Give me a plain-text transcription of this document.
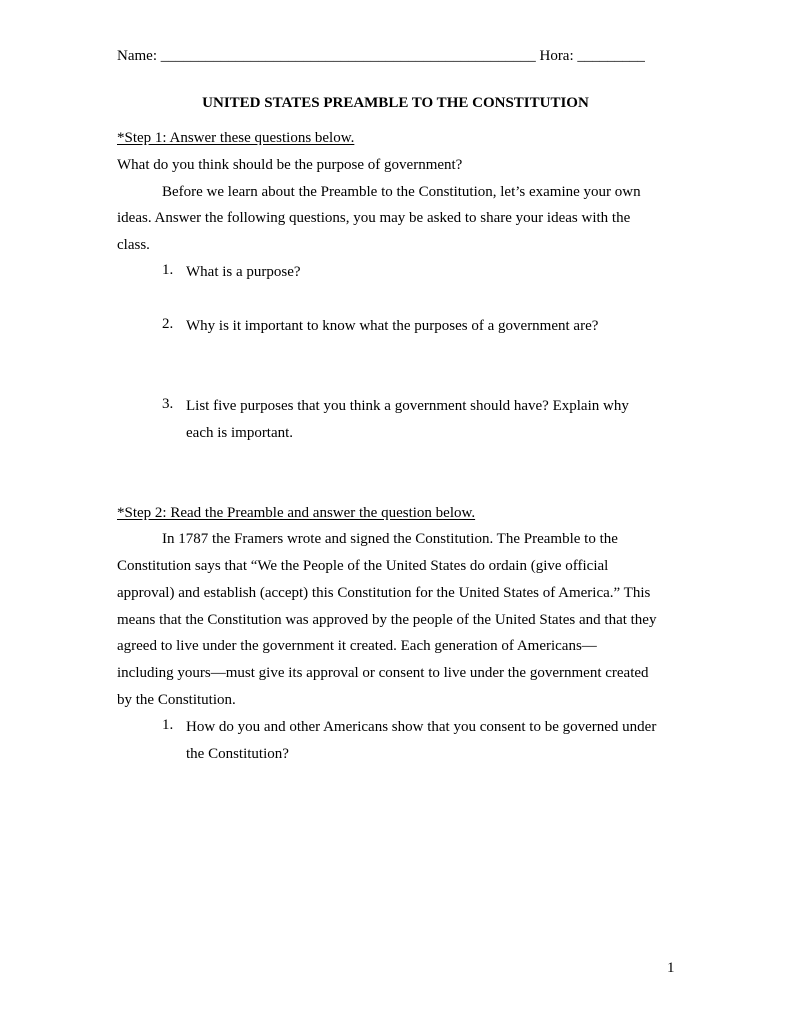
Name: __________________________________________________ Hora: _________
UNITED STATES PREAMBLE TO THE CONSTITUTION
*Step 1: Answer these questions below.
What do you think should be the purpose of government?
Before we learn about the Preamble to the Constitution, let’s examine your own
ideas. Answer the following questions, you may be asked to share your ideas with the
class.
1. What is a purpose?
2. Why is it important to know what the purposes of a government are?
3. List five purposes that you think a government should have? Explain why
each is important.
*Step 2: Read the Preamble and answer the question below.
In 1787 the Framers wrote and signed the Constitution. The Preamble to the
Constitution says that “We the People of the United States do ordain (give official
approval) and establish (accept) this Constitution for the United States of America.” This
means that the Constitution was approved by the people of the United States and that they
agreed to live under the government it created. Each generation of Americans—
including yours—must give its approval or consent to live under the government created
by the Constitution.
1. How do you and other Americans show that you consent to be governed under
the Constitution?
1
